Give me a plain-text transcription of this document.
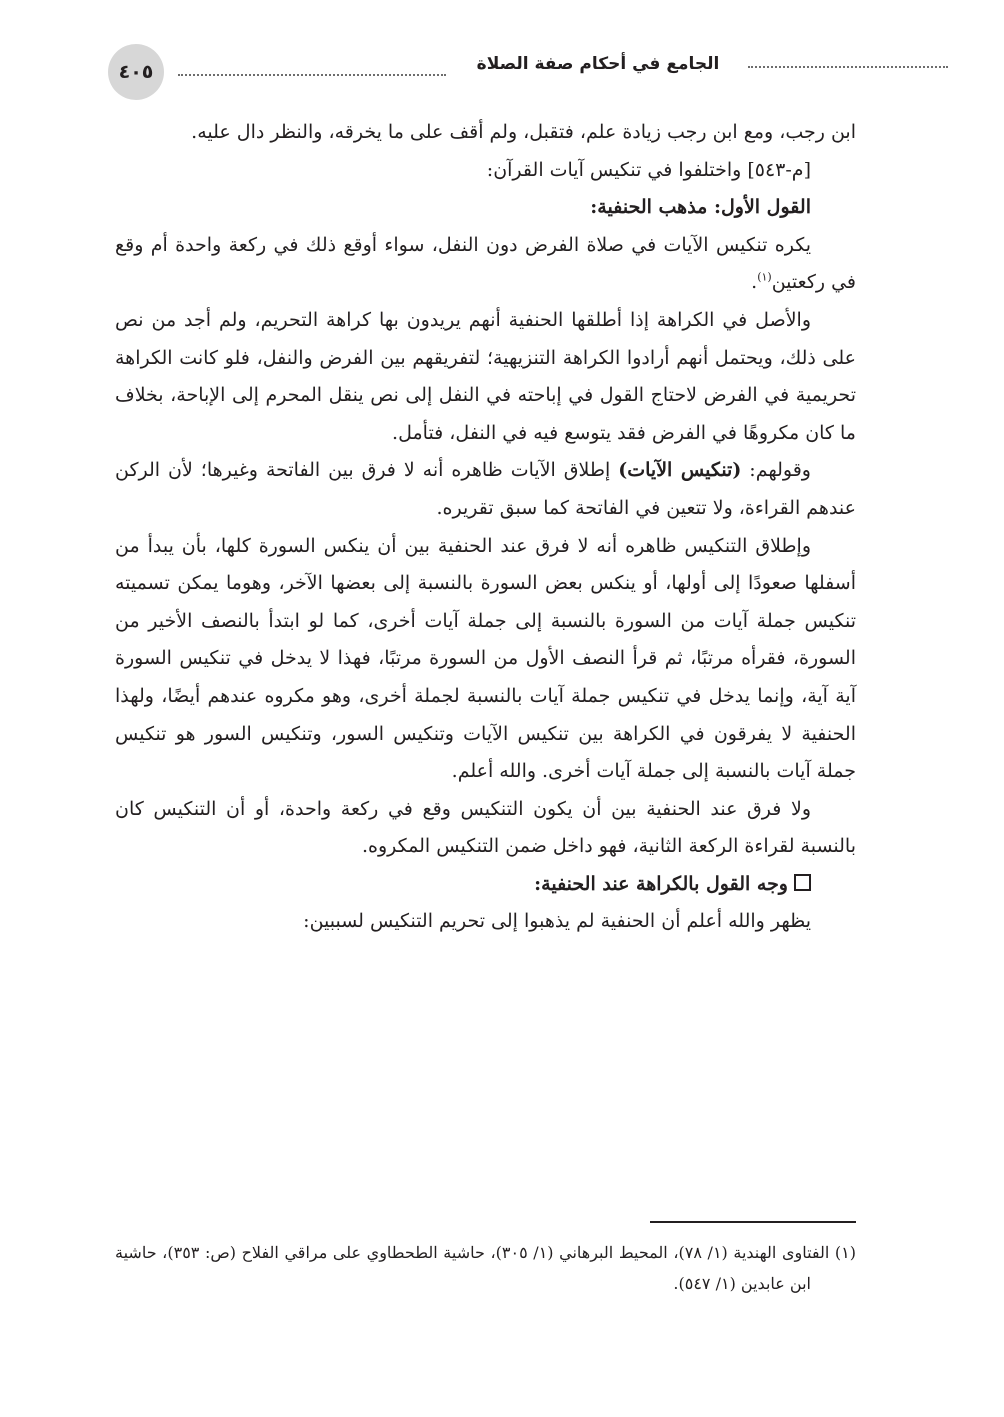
٤٠٥	الجامع في أحكام صفة الصلاة

ابن رجب، ومع ابن رجب زيادة علم، فتقبل، ولم أقف على ما يخرقه، والنظر دال عليه.

[م-٥٤٣] واختلفوا في تنكيس آيات القرآن:

القول الأول: مذهب الحنفية:

يكره تنكيس الآيات في صلاة الفرض دون النفل، سواء أوقع ذلك في ركعة واحدة أم وقع في ركعتين$^{(١)}$.

والأصل في الكراهة إذا أطلقها الحنفية أنهم يريدون بها كراهة التحريم، ولم أجد من نص على ذلك، ويحتمل أنهم أرادوا الكراهة التنزيهية؛ لتفريقهم بين الفرض والنفل، فلو كانت الكراهة تحريمية في الفرض لاحتاج القول في إباحته في النفل إلى نص ينقل المحرم إلى الإباحة، بخلاف ما كان مكروهًا في الفرض فقد يتوسع فيه في النفل، فتأمل.

وقولهم: (تنكيس الآيات) إطلاق الآيات ظاهره أنه لا فرق بين الفاتحة وغيرها؛ لأن الركن عندهم القراءة، ولا تتعين في الفاتحة كما سبق تقريره.

وإطلاق التنكيس ظاهره أنه لا فرق عند الحنفية بين أن ينكس السورة كلها، بأن يبدأ من أسفلها صعودًا إلى أولها، أو ينكس بعض السورة بالنسبة إلى بعضها الآخر، وهوما يمكن تسميته تنكيس جملة آيات من السورة بالنسبة إلى جملة آيات أخرى، كما لو ابتدأ بالنصف الأخير من السورة، فقرأه مرتبًا، ثم قرأ النصف الأول من السورة مرتبًا، فهذا لا يدخل في تنكيس السورة آية آية، وإنما يدخل في تنكيس جملة آيات بالنسبة لجملة أخرى، وهو مكروه عندهم أيضًا، ولهذا الحنفية لا يفرقون في الكراهة بين تنكيس الآيات وتنكيس السور، وتنكيس السور هو تنكيس جملة آيات بالنسبة إلى جملة آيات أخرى. والله أعلم.

ولا فرق عند الحنفية بين أن يكون التنكيس وقع في ركعة واحدة، أو أن التنكيس كان بالنسبة لقراءة الركعة الثانية، فهو داخل ضمن التنكيس المكروه.

وجه القول بالكراهة عند الحنفية:

يظهر والله أعلم أن الحنفية لم يذهبوا إلى تحريم التنكيس لسببين:

(١) الفتاوى الهندية (١/ ٧٨)، المحيط البرهاني (١/ ٣٠٥)، حاشية الطحطاوي على مراقي الفلاح (ص: ٣٥٣)، حاشية ابن عابدين (١/ ٥٤٧).
